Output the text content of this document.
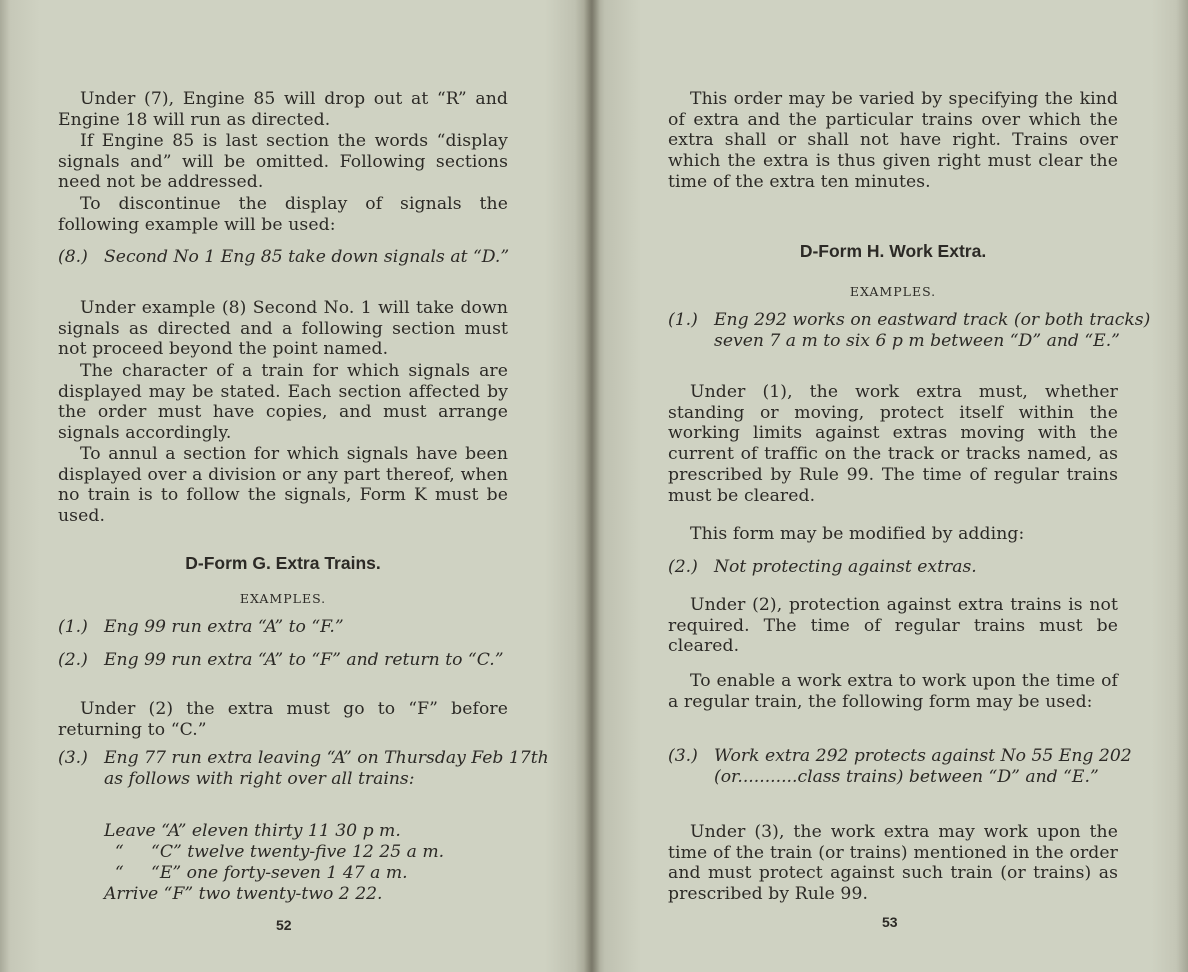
Under (7), Engine 85 will drop out at “R” and Engine 18 will run as directed.

If Engine 85 is last section the words “display signals and” will be omitted. Following sections need not be addressed.

To discontinue the display of signals the following example will be used:

(8.) Second No 1 Eng 85 take down signals at “D.”

Under example (8) Second No. 1 will take down signals as directed and a following section must not proceed beyond the point named.

The character of a train for which signals are displayed may be stated. Each section affected by the order must have copies, and must arrange signals accordingly.

To annul a section for which signals have been displayed over a division or any part thereof, when no train is to follow the signals, Form K must be used.

D-Form G. Extra Trains.

EXAMPLES.

(1.) Eng 99 run extra “A” to “F.”

(2.) Eng 99 run extra “A” to “F” and return to “C.”

Under (2) the extra must go to “F” before returning to “C.”

(3.) Eng 77 run extra leaving “A” on Thursday Feb 17th as follows with right over all trains:

Leave “A” eleven thirty 11 30 p m.

“     “C” twelve twenty-five 12 25 a m.

“     “E” one forty-seven 1 47 a m.

Arrive “F” two twenty-two 2 22.

52

This order may be varied by specifying the kind of extra and the particular trains over which the extra shall or shall not have right. Trains over which the extra is thus given right must clear the time of the extra ten minutes.

D-Form H. Work Extra.

EXAMPLES.

(1.) Eng 292 works on eastward track (or both tracks) seven 7 a m to six 6 p m between “D” and “E.”

Under (1), the work extra must, whether standing or moving, protect itself within the working limits against extras moving with the current of traffic on the track or tracks named, as prescribed by Rule 99. The time of regular trains must be cleared.

This form may be modified by adding:

(2.) Not protecting against extras.

Under (2), protection against extra trains is not required. The time of regular trains must be cleared.

To enable a work extra to work upon the time of a regular train, the following form may be used:

(3.) Work extra 292 protects against No 55 Eng 202 (or...........class trains) between “D” and “E.”

Under (3), the work extra may work upon the time of the train (or trains) mentioned in the order and must protect against such train (or trains) as prescribed by Rule 99.

53
